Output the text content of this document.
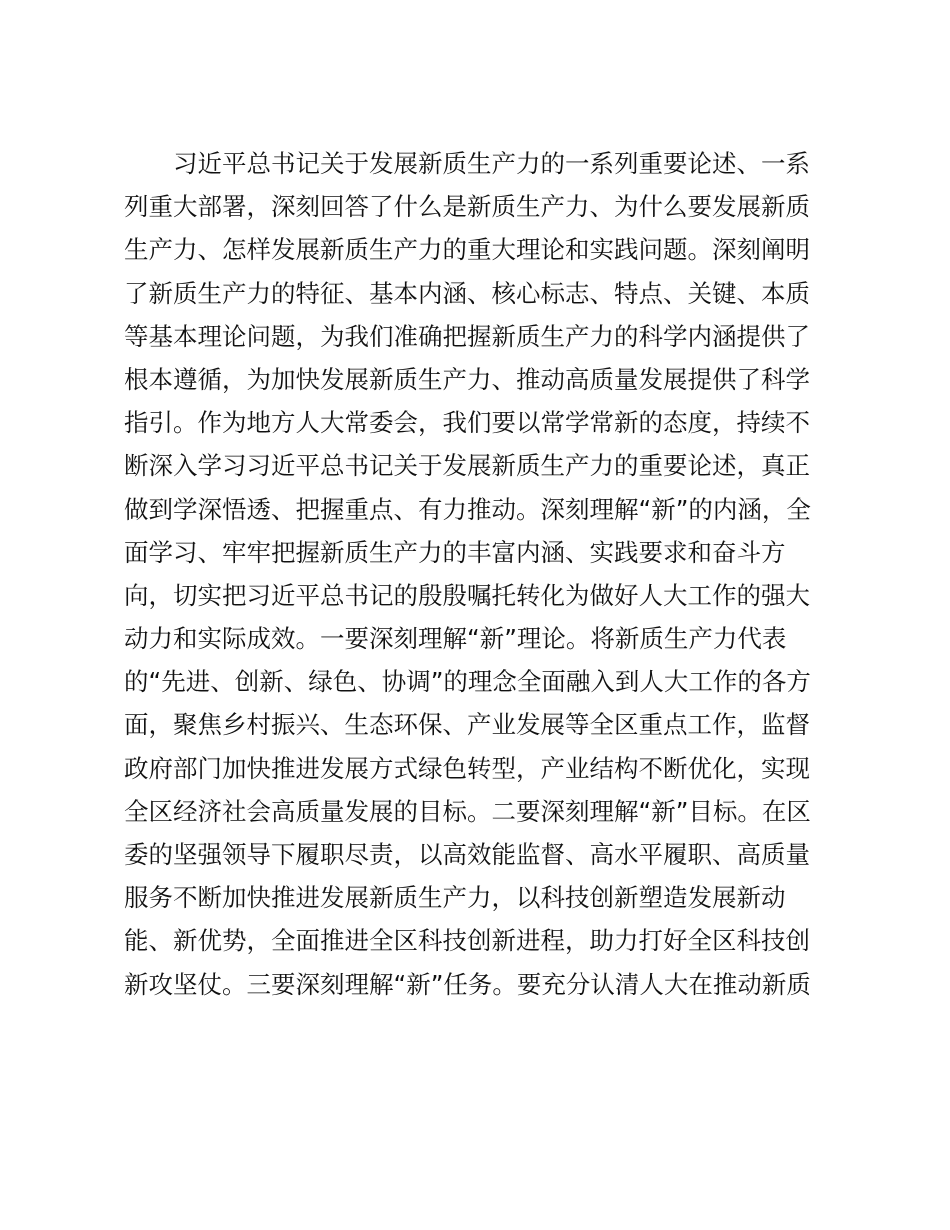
习近平总书记关于发展新质生产力的一系列重要论述、一系
列重大部署，深刻回答了什么是新质生产力、为什么要发展新质
生产力、怎样发展新质生产力的重大理论和实践问题。深刻阐明
了新质生产力的特征、基本内涵、核心标志、特点、关键、本质
等基本理论问题，为我们准确把握新质生产力的科学内涵提供了
根本遵循，为加快发展新质生产力、推动高质量发展提供了科学
指引。作为地方人大常委会，我们要以常学常新的态度，持续不
断深入学习习近平总书记关于发展新质生产力的重要论述，真正
做到学深悟透、把握重点、有力推动。深刻理解“新”的内涵，全
面学习、牢牢把握新质生产力的丰富内涵、实践要求和奋斗方
向，切实把习近平总书记的殷殷嘱托转化为做好人大工作的强大
动力和实际成效。一要深刻理解“新”理论。将新质生产力代表
的“先进、创新、绿色、协调”的理念全面融入到人大工作的各方
面，聚焦乡村振兴、生态环保、产业发展等全区重点工作，监督
政府部门加快推进发展方式绿色转型，产业结构不断优化，实现
全区经济社会高质量发展的目标。二要深刻理解“新”目标。在区
委的坚强领导下履职尽责，以高效能监督、高水平履职、高质量
服务不断加快推进发展新质生产力，以科技创新塑造发展新动
能、新优势，全面推进全区科技创新进程，助力打好全区科技创
新攻坚仗。三要深刻理解“新”任务。要充分认清人大在推动新质
